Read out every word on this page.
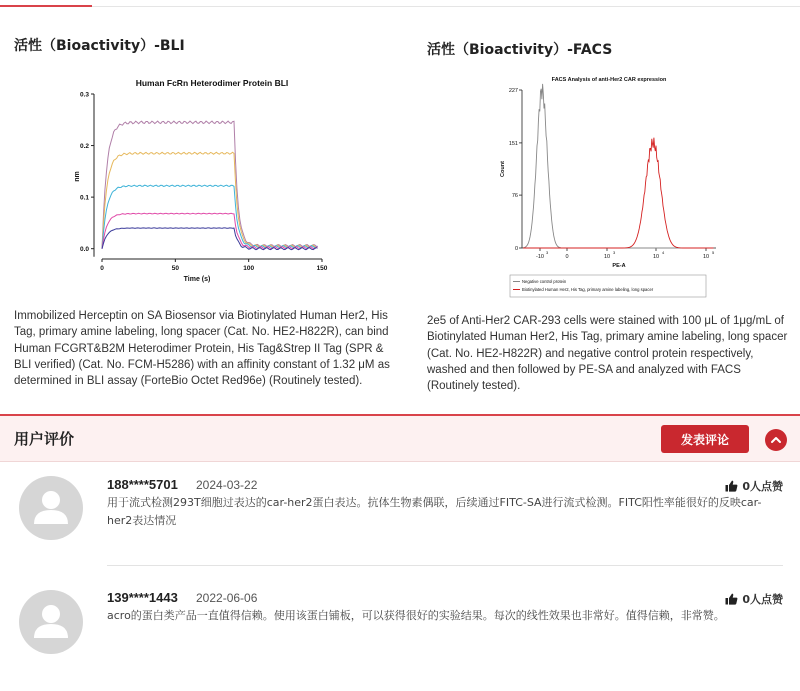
活性（Bioactivity）-BLI
Human FcRn Heterodimer Protein BLI
0.0
0.1
0.2
0.3
0	50	100	150
Time (s)
nm
Immobilized Herceptin on SA Biosensor via Biotinylated Human Her2, His Tag, primary amine labeling, long spacer (Cat. No. HE2-H822R), can bind Human FCGRT&B2M Heterodimer Protein, His Tag&Strep II Tag (SPR & BLI verified) (Cat. No. FCM-H5286) with an affinity constant of 1.32 μM as determined in BLI assay (ForteBio Octet Red96e) (Routinely tested).
活性（Bioactivity）-FACS
FACS Analysis of anti-Her2 CAR expression
0
76
151
227
Count
-10
3
0	10
3
10
4
10
5
PE-A
Negative control protein
Biotinylated Human Her2, His Tag, primary amine labeling, long spacer
2e5 of Anti-Her2 CAR-293 cells were stained with 100 μL of 1μg/mL of Biotinylated Human Her2, His Tag, primary amine labeling, long spacer (Cat. No. HE2-H822R) and negative control protein respectively, washed and then followed by PE-SA and analyzed with FACS (Routinely tested).
用户评价	发表评论
188****5701 2024-03-22	0人点赞
用于流式检测293T细胞过表达的car-her2蛋白表达。抗体生物素偶联，后续通过FITC-SA进行流式检测。FITC阳性率能很好的反映car-her2表达情况
139****1443 2022-06-06	0人点赞
acro的蛋白类产品一直值得信赖。使用该蛋白铺板，可以获得很好的实验结果。每次的线性效果也非常好。值得信赖，非常赞。
